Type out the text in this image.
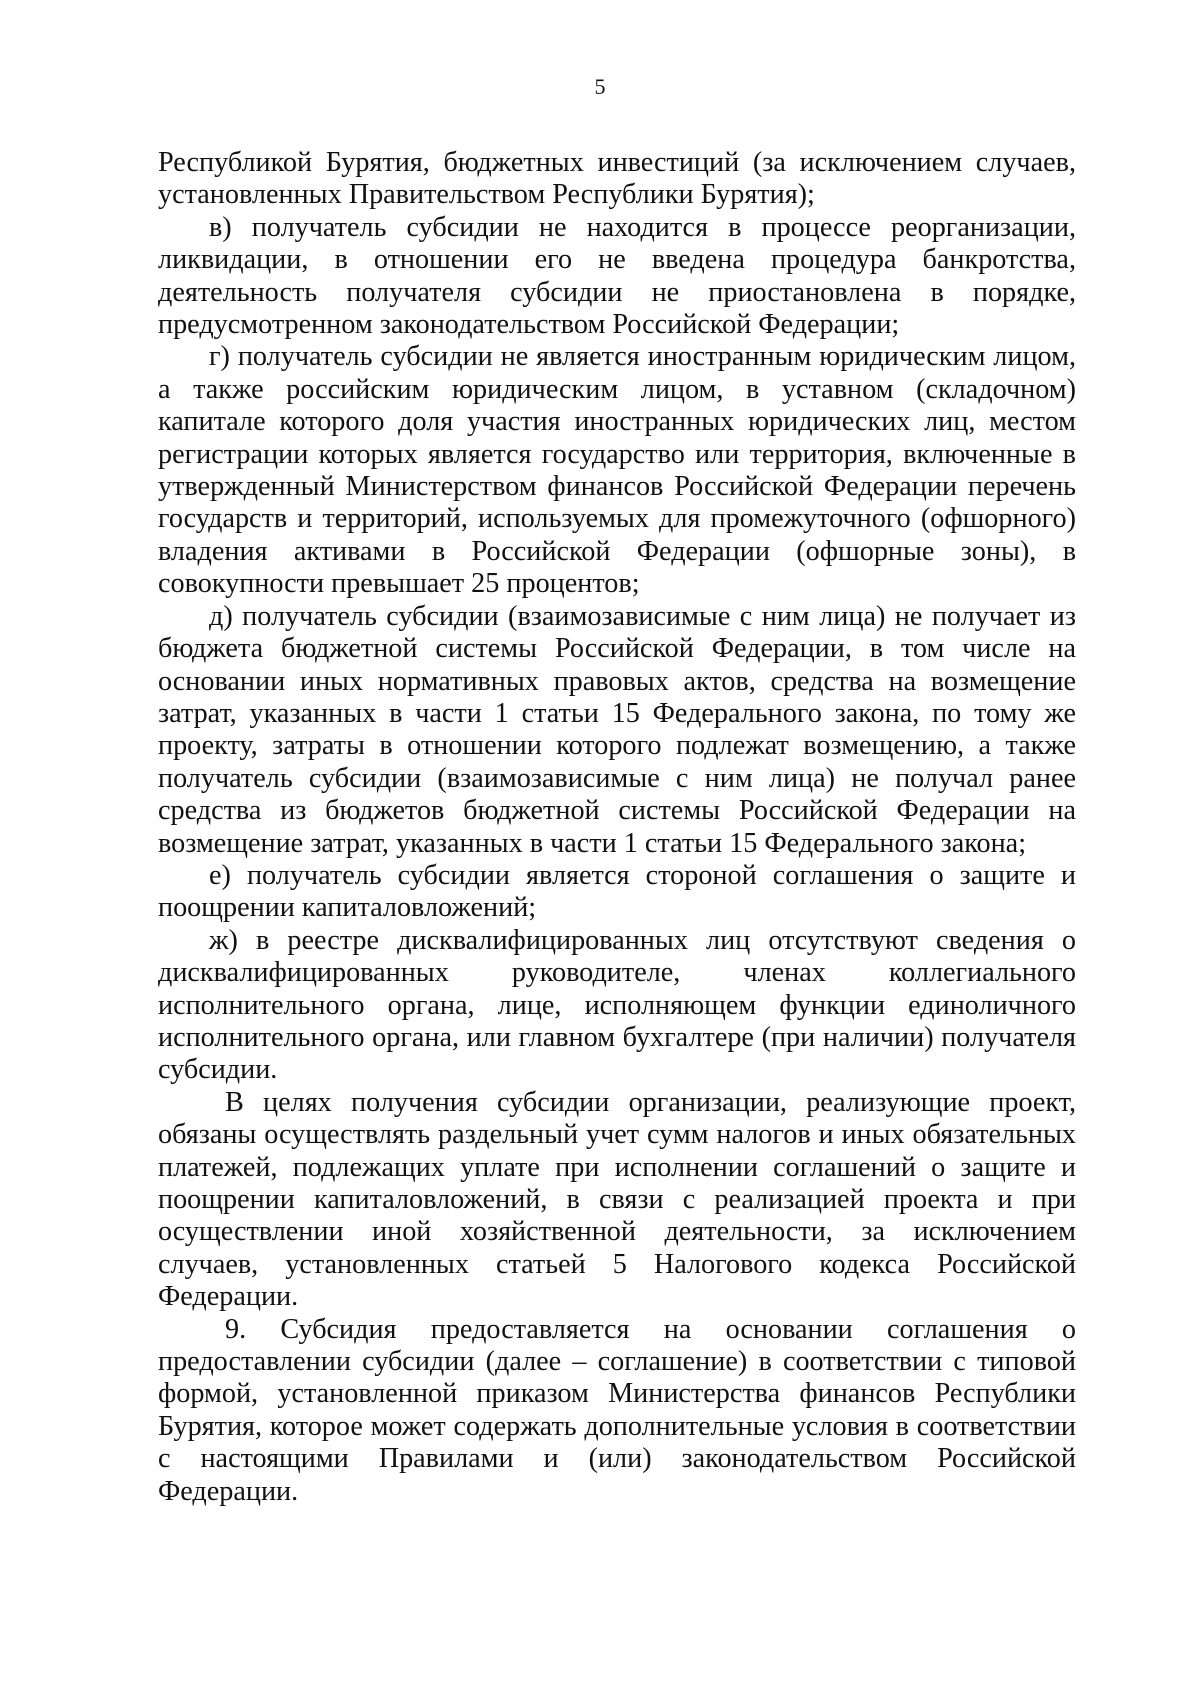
5

Республикой Бурятия, бюджетных инвестиций (за исключением случаев, установленных Правительством Республики Бурятия);

в) получатель субсидии не находится в процессе реорганизации, ликвидации, в отношении его не введена процедура банкротства, деятельность получателя субсидии не приостановлена в порядке, предусмотренном законодательством Российской Федерации;

г) получатель субсидии не является иностранным юридическим лицом, а также российским юридическим лицом, в уставном (складочном) капитале которого доля участия иностранных юридических лиц, местом регистрации которых является государство или территория, включенные в утвержденный Министерством финансов Российской Федерации перечень государств и территорий, используемых для промежуточного (офшорного) владения активами в Российской Федерации (офшорные зоны), в совокупности превышает 25 процентов;

д) получатель субсидии (взаимозависимые с ним лица) не получает из бюджета бюджетной системы Российской Федерации, в том числе на основании иных нормативных правовых актов, средства на возмещение затрат, указанных в части 1 статьи 15 Федерального закона, по тому же проекту, затраты в отношении которого подлежат возмещению, а также получатель субсидии (взаимозависимые с ним лица) не получал ранее средства из бюджетов бюджетной системы Российской Федерации на возмещение затрат, указанных в части 1 статьи 15 Федерального закона;

е) получатель субсидии является стороной соглашения о защите и поощрении капиталовложений;

ж) в реестре дисквалифицированных лиц отсутствуют сведения о дисквалифицированных руководителе, членах коллегиального исполнительного органа, лице, исполняющем функции единоличного исполнительного органа, или главном бухгалтере (при наличии) получателя субсидии.

В целях получения субсидии организации, реализующие проект, обязаны осуществлять раздельный учет сумм налогов и иных обязательных платежей, подлежащих уплате при исполнении соглашений о защите и поощрении капиталовложений, в связи с реализацией проекта и при осуществлении иной хозяйственной деятельности, за исключением случаев, установленных статьей 5 Налогового кодекса Российской Федерации.

9. Субсидия предоставляется на основании соглашения о предоставлении субсидии (далее – соглашение) в соответствии с типовой формой, установленной приказом Министерства финансов Республики Бурятия, которое может содержать дополнительные условия в соответствии с настоящими Правилами и (или) законодательством Российской Федерации.
